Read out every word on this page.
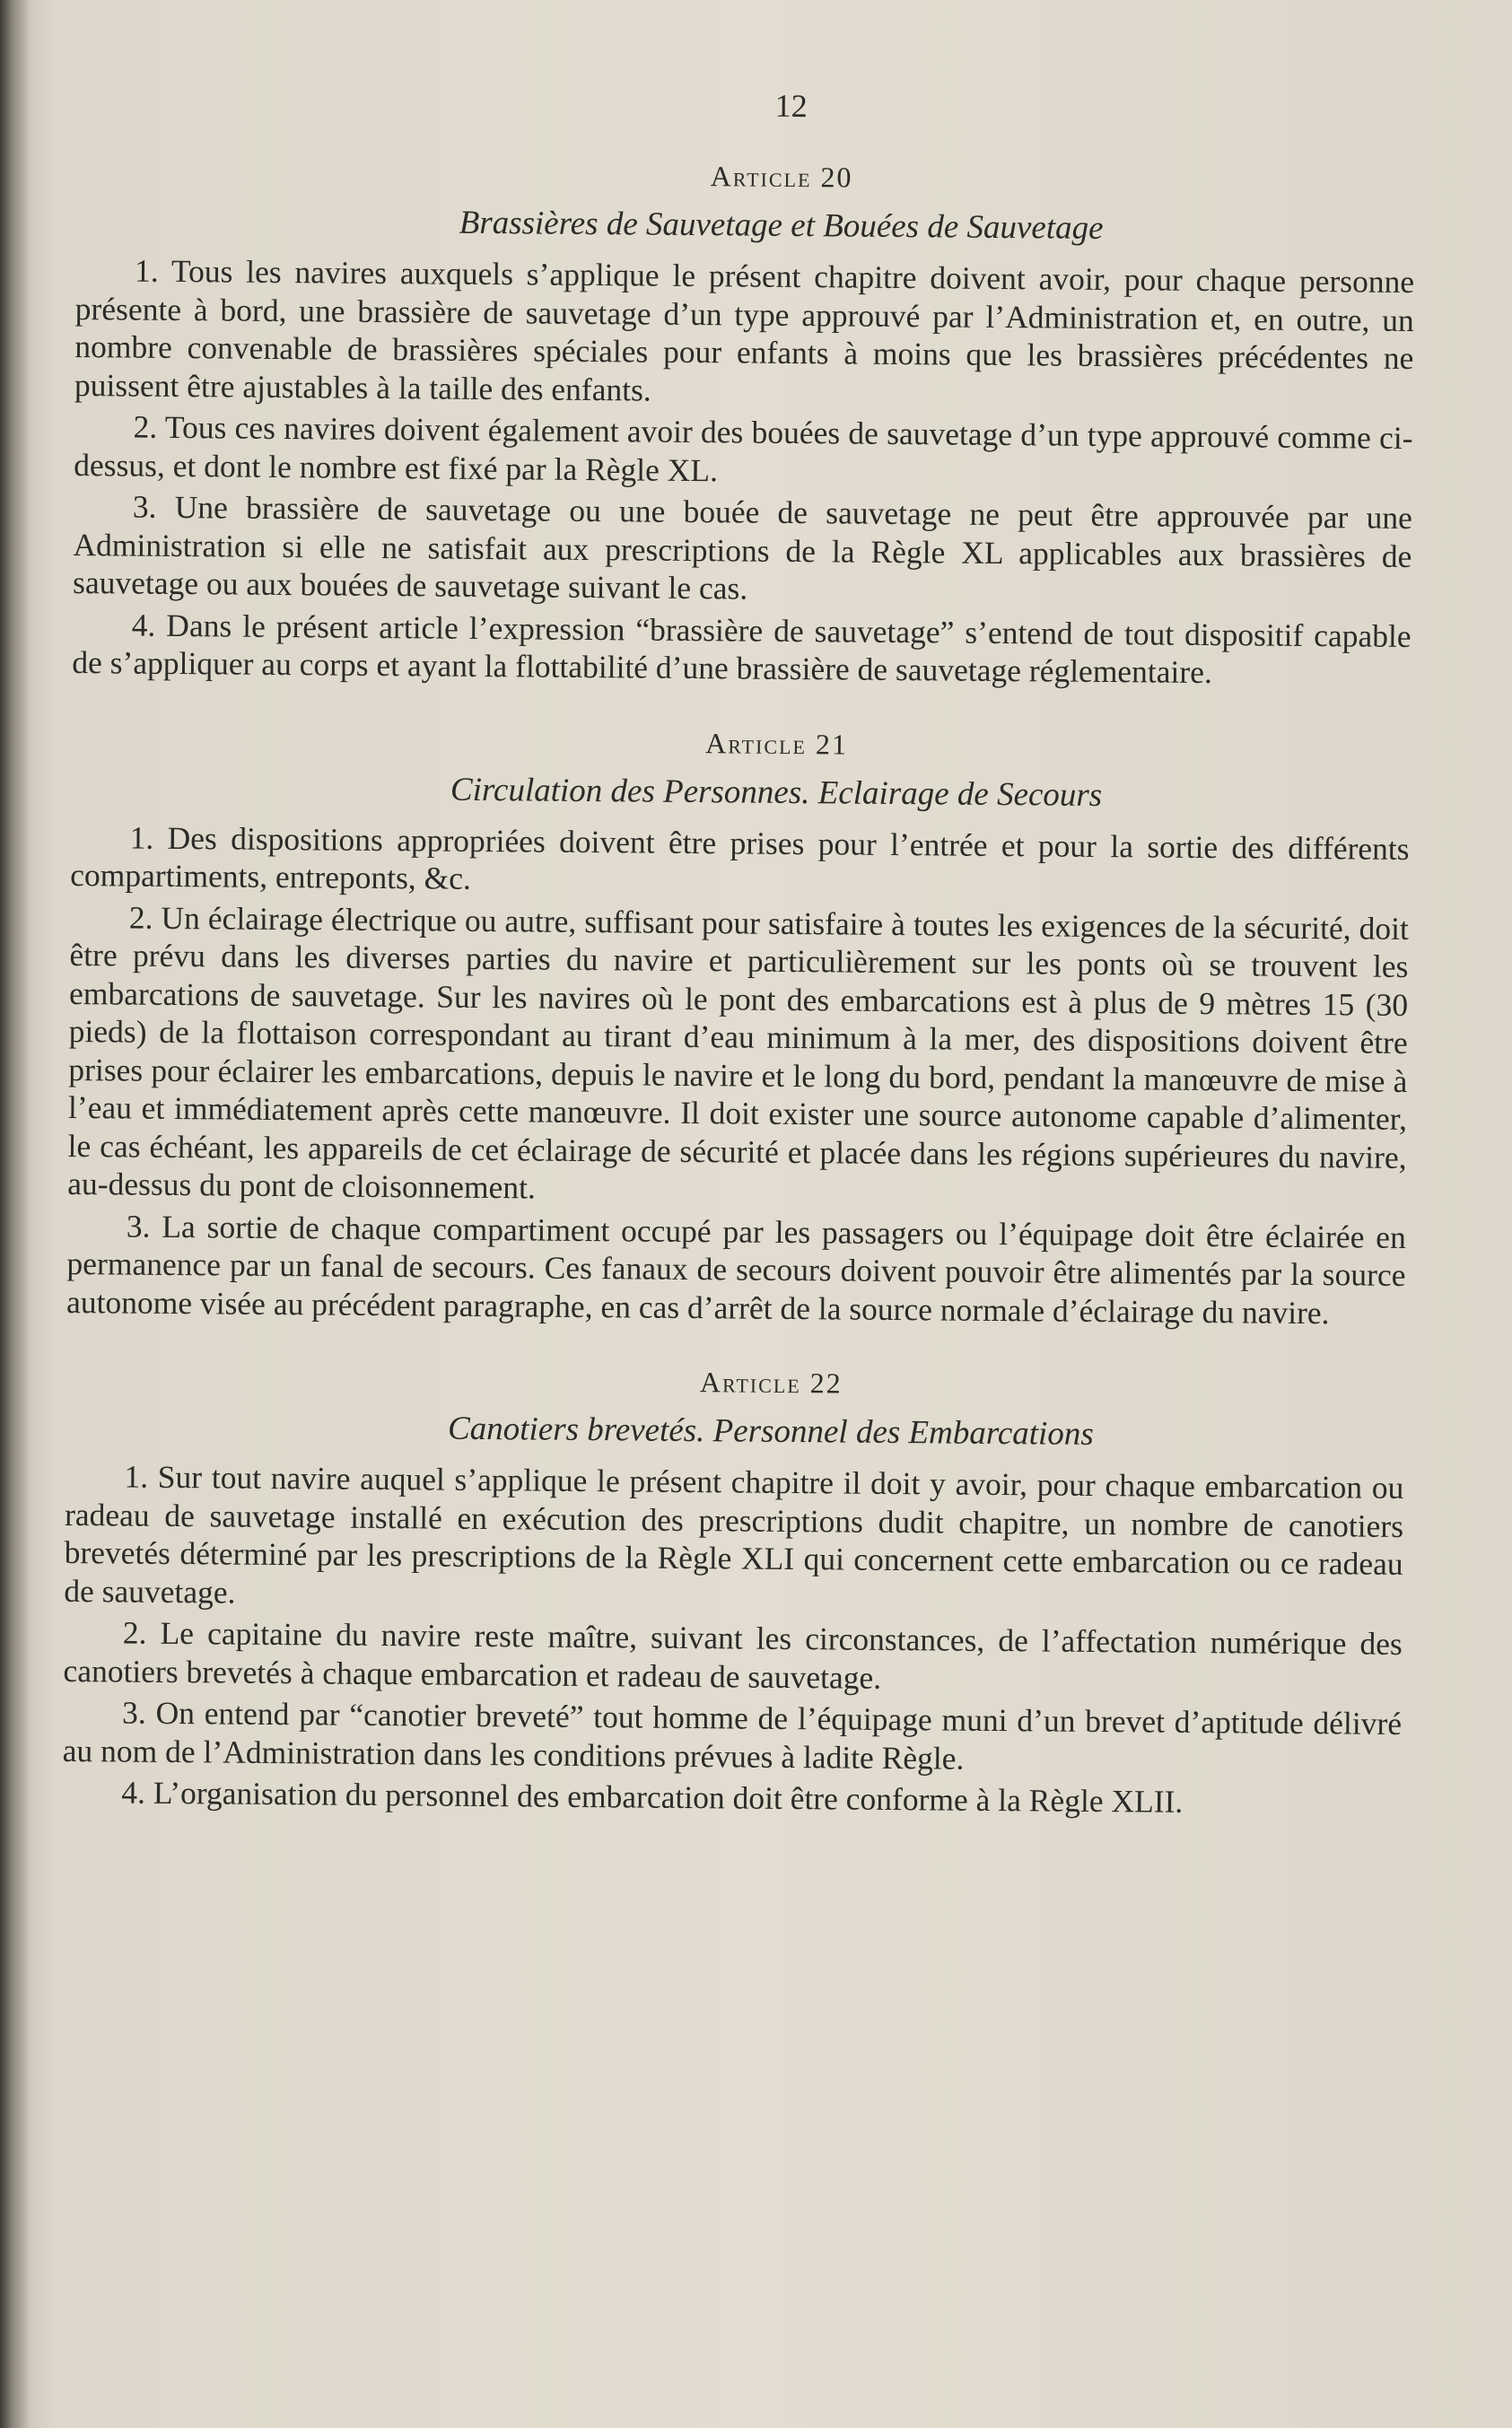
12
Article 20
Brassières de Sauvetage et Bouées de Sauvetage

1. Tous les navires auxquels s’applique le présent chapitre doivent avoir, pour chaque personne présente à bord, une brassière de sauvetage d’un type approuvé par l’Administration et, en outre, un nombre convenable de brassières spéciales pour enfants à moins que les brassières précédentes ne puissent être ajustables à la taille des enfants.

2. Tous ces navires doivent également avoir des bouées de sauvetage d’un type approuvé comme ci-dessus, et dont le nombre est fixé par la Règle XL.

3. Une brassière de sauvetage ou une bouée de sauvetage ne peut être approuvée par une Administration si elle ne satisfait aux prescriptions de la Règle XL applicables aux brassières de sauvetage ou aux bouées de sauvetage suivant le cas.

4. Dans le présent article l’expression “brassière de sauvetage” s’entend de tout dispositif capable de s’appliquer au corps et ayant la flottabilité d’une brassière de sauvetage réglementaire.

Article 21
Circulation des Personnes. Eclairage de Secours

1. Des dispositions appropriées doivent être prises pour l’entrée et pour la sortie des différents compartiments, entreponts, &c.

2. Un éclairage électrique ou autre, suffisant pour satisfaire à toutes les exigences de la sécurité, doit être prévu dans les diverses parties du navire et particulièrement sur les ponts où se trouvent les embarcations de sauvetage. Sur les navires où le pont des embarcations est à plus de 9 mètres 15 (30 pieds) de la flottaison correspondant au tirant d’eau minimum à la mer, des dispositions doivent être prises pour éclairer les embarcations, depuis le navire et le long du bord, pendant la manœuvre de mise à l’eau et immédiatement après cette manœuvre. Il doit exister une source autonome capable d’alimenter, le cas échéant, les appareils de cet éclairage de sécurité et placée dans les régions supérieures du navire, au-dessus du pont de cloisonnement.

3. La sortie de chaque compartiment occupé par les passagers ou l’équipage doit être éclairée en permanence par un fanal de secours. Ces fanaux de secours doivent pouvoir être alimentés par la source autonome visée au précédent paragraphe, en cas d’arrêt de la source normale d’éclairage du navire.

Article 22
Canotiers brevetés. Personnel des Embarcations

1. Sur tout navire auquel s’applique le présent chapitre il doit y avoir, pour chaque embarcation ou radeau de sauvetage installé en exécution des prescriptions dudit chapitre, un nombre de canotiers brevetés déterminé par les prescriptions de la Règle XLI qui concernent cette embarcation ou ce radeau de sauvetage.

2. Le capitaine du navire reste maître, suivant les circonstances, de l’affectation numérique des canotiers brevetés à chaque embarcation et radeau de sauvetage.

3. On entend par “canotier breveté” tout homme de l’équipage muni d’un brevet d’aptitude délivré au nom de l’Administration dans les conditions prévues à ladite Règle.

4. L’organisation du personnel des embarcation doit être conforme à la Règle XLII.
